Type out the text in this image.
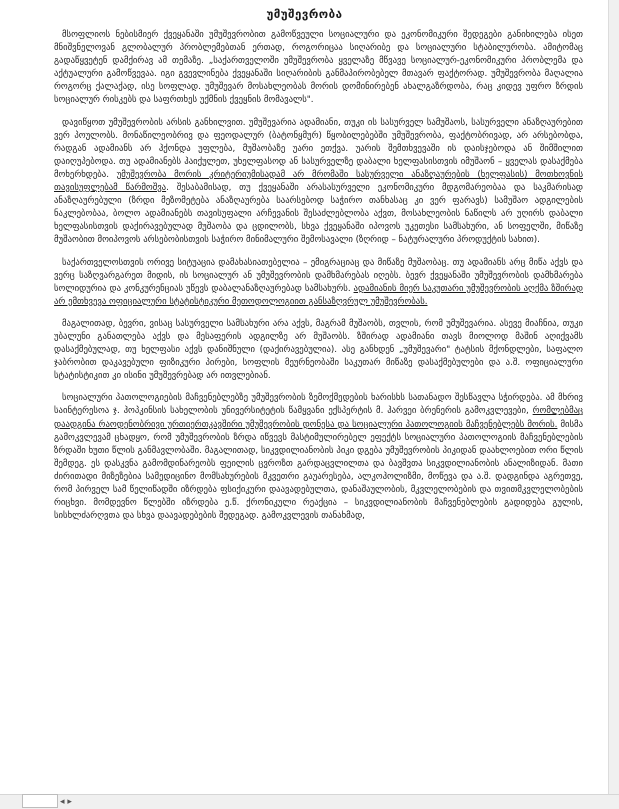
უმუშევრობა

მსოფლიოს ნებისმიერ ქვეყანაში უმუშევრობით გამოწვეული სოციალური და ეკონომიკური შედეგები განიხილება ისეთ მნიშვნელოვან გლობალურ პრობლემებთან ერთად, როგორიცაა სიღარიბე და სოციალური სტაბილურობა. ამიტომაც გადაწყვეტენ დამქირავ ამ თემაზე. „საქართველოში უმუშევრობა ყველაზე მწვავე სოციალურ-ეკონომიკური პრობლემა და აქტუალური გამოწვევაა. იგი გვევლინება ქვეყანაში სიღარიბის განმაპირობებელ მთავარ ფაქტორად. უმუშევრობა მაღალია როგორც ქალაქად, ისე სოფლად. უმუშევარ მოსახლეობას მორის დომინირებენ ახალგაზრდობა, რაც კიდევ უფრო ზრდის სოციალურ რისკებს და საფრთხეს უქმნის ქვეყნის მომავალს".

დავიწყოთ უმუშევრობის არსის განხილვით. უმუშევარია ადამიანი, თუკი ის სასურველ სამუშაოს, სასურველი ანაზღაურებით ვერ პოულობს. მონაწილეობრივ და ფეოდალურ (ბატონყმურ) წყობილებებში უმუშევრობა, ფაქტობრივად, არ არსებობდა, რადგან ადამიანს არ ჰქონდა უფლება, მუშაობაზე უარი ეთქვა. უარის შემთხვევაში ის დაისჯებოდა ან შიმშილით დაიღუპებოდა. თუ ადამიანებს ჰაიქულეთ, უხელფასოდ ან სასურველზე დაბალი ხელფასისთვის იმუშაონ – ყველას დასაქმება მოხერხდება. უმუშევრობა მორის კრიტერიუმისადამ არ მრომაში სასურველი ანაზღაურების (ხელფასის) მოთხოვნის თავისუფლებამ წარმოშვა. შესაბამისად, თუ ქვეყანაში არასასურველი ეკონომიკური მდგომარეობაა და საკმარისად ანაზღაურებული (ზრდი მეზომეტება ანაზღაურება საარსებოდ საჭირო თანხასაც კი ვერ ფარავს) სამუშაო ადგილების ნაკლებობაა, ბოლო ადამიანებს თავისუფალი არჩევანის შესაძლებლობა აქვთ, მოსახლეობის ნაწილს არ უღირს დაბალი ხელფასისთვის დაქირავებულად მუშაობა და ცდილობს, სხვა ქვეყანაში იპოვოს უკეთესი სამსახური, ან სოფელში, მიწაზე მუშაობით მოიპოვოს არსებობისთვის საჭირო მინიმალური შემოსავალი (ზღრიდ – ნატურალური პროდუქტის სახით).

საქართველოსთვის ორივე სიტუაცია დამახასიათებელია – ემიგრაციაც და მიწაზე მუშაობაც. თუ ადამიანს არც მიწა აქვს და ვერც საზღვარგარეთ მიდის, ის სოციალურ ან უმუშევრობის დამხმარებას იღებს. ბევრ ქვეყანაში უმუშევრობის დამხმარება სოლიდურია და კონკურენციას უწევს დაბალანაზღაურებად სამსახურს. ადამიანის მიერ საკუთარი უმუშევრობის აღქმა ზშირად არ ემთხვევა ოფიციალური სტატისტიკური მეთოდოლოგიით განსაზღვრულ უმუშევრობას.

მაგალითად, ბევრი, ვისაც სასურველი სამსახური არა აქვს, მაგრამ მუშაობს, თვლის, რომ უმუშევარია. ასევე მიაჩნია, თუკი უბალუნი განათლება აქვს და მესაფერის ადგილზე არ მუშაობს. ზშირად ადამიანი თავს მიოლოდ მაშინ აღიქვამს დასაქმებულად, თუ ხელფასი აქვს დანიშნული (დაქირავებულია). ასე განხდენ „უმუშევარი" ტატსის მქონდლები, საფალო ჯაბრობით დაკავებული ფიზიკური პირები, სოფლის მეურნეობაში საკუთარ მიწაზე დასაქმებულები და ა.შ. ოფიციალური სტატისტიკით კი ისინი უმუშევრებად არ ითვლებიან.

სოციალური პათოლოგიების მაჩვენებლებზე უმუშევრობის ზემოქმედების ხარისხს სათანადო შესწავლა სჭირდება. ამ მხრივ საინტერესოა ჯ. ჰოპკინსის სახელობის უნივერსიტეტის წამყვანი ექსპერტის მ. ჰარვეი ბრენერის გამოკვლევები, რომლებმაც დაადგინა რაოდენობრივი ურთიერთკავშირი უმუშევრობის დონესა და სოციალური პათოლოგიის მაჩვენებლებს მორის. მისმა გამოკვლევამ ცხადყო, რომ უმუშევრობის ზრდა იწვევს მასტიმულირებელ ეფექტს სოციალური პათოლოგიის მაჩვენებლების ზრდაში ხუთი წლის განმავლობაში. მაგალითად, სიკვდილიანობის პიკი დგება უმუშევრობის პიკიდან დაახლოებით ორი წლის შემდეგ. ეს დასკვნა გამომდინარეობს ფეილის ცვროზთ გარდაცვლილთა და ბავშვთა სიკვდილიანობის ანალიზიდან. მათი ძირითადი მიზეზებია სამედიცინო მომსახურების მკვეთრი გაუარესება, ალკოჰოლიზმი, მოწევა და ა.შ. დადგინდა აგრეთვე, რომ პირველ სამ წელიწადში იზრდება ფსიქიკური დაავადებულთა, დანაშაულობის, მკვლელობების და თვითმკვლელობების რიცხვი. მომდევნო წლებში იზრდება ე.წ. ქრონიკული რეაქცია – სიკვდილიანობის მაჩვენებლების გადიდება გულის, სისხლძარღვთა და სხვა დაავადებების შედეგად. გამოკვლევის თანახმად,

◂ ▸
